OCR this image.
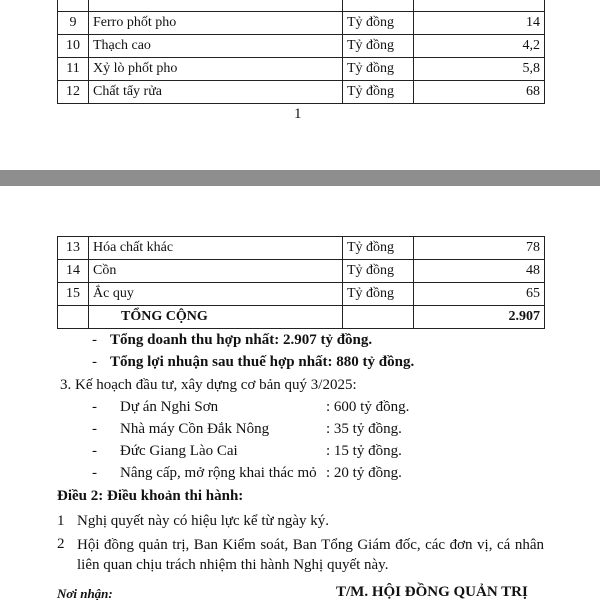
9	Ferro phốt pho	Tỷ đồng	14
10	Thạch cao	Tỷ đồng	4,2
11	Xỷ lò phốt pho	Tỷ đồng	5,8
12	Chất tẩy rửa	Tỷ đồng	68
1
13	Hóa chất khác	Tỷ đồng	78
14	Cồn	Tỷ đồng	48
15	Ắc quy	Tỷ đồng	65
	TỔNG CỘNG		2.907
- Tổng doanh thu hợp nhất: 2.907 tỷ đồng.
- Tổng lợi nhuận sau thuế hợp nhất: 880 tỷ đồng.
3. Kế hoạch đầu tư, xây dựng cơ bản quý 3/2025:
- Dự án Nghi Sơn	: 600 tỷ đồng.
- Nhà máy Cồn Đắk Nông	: 35 tỷ đồng.
- Đức Giang Lào Cai	: 15 tỷ đồng.
- Nâng cấp, mở rộng khai thác mỏ : 20 tỷ đồng.
Điều 2: Điều khoản thi hành:
1 Nghị quyết này có hiệu lực kể từ ngày ký.
2 Hội đồng quản trị, Ban Kiểm soát, Ban Tổng Giám đốc, các đơn vị, cá nhân liên quan chịu trách nhiệm thi hành Nghị quyết này.
Nơi nhận:	T/M. HỘI ĐỒNG QUẢN TRỊ
